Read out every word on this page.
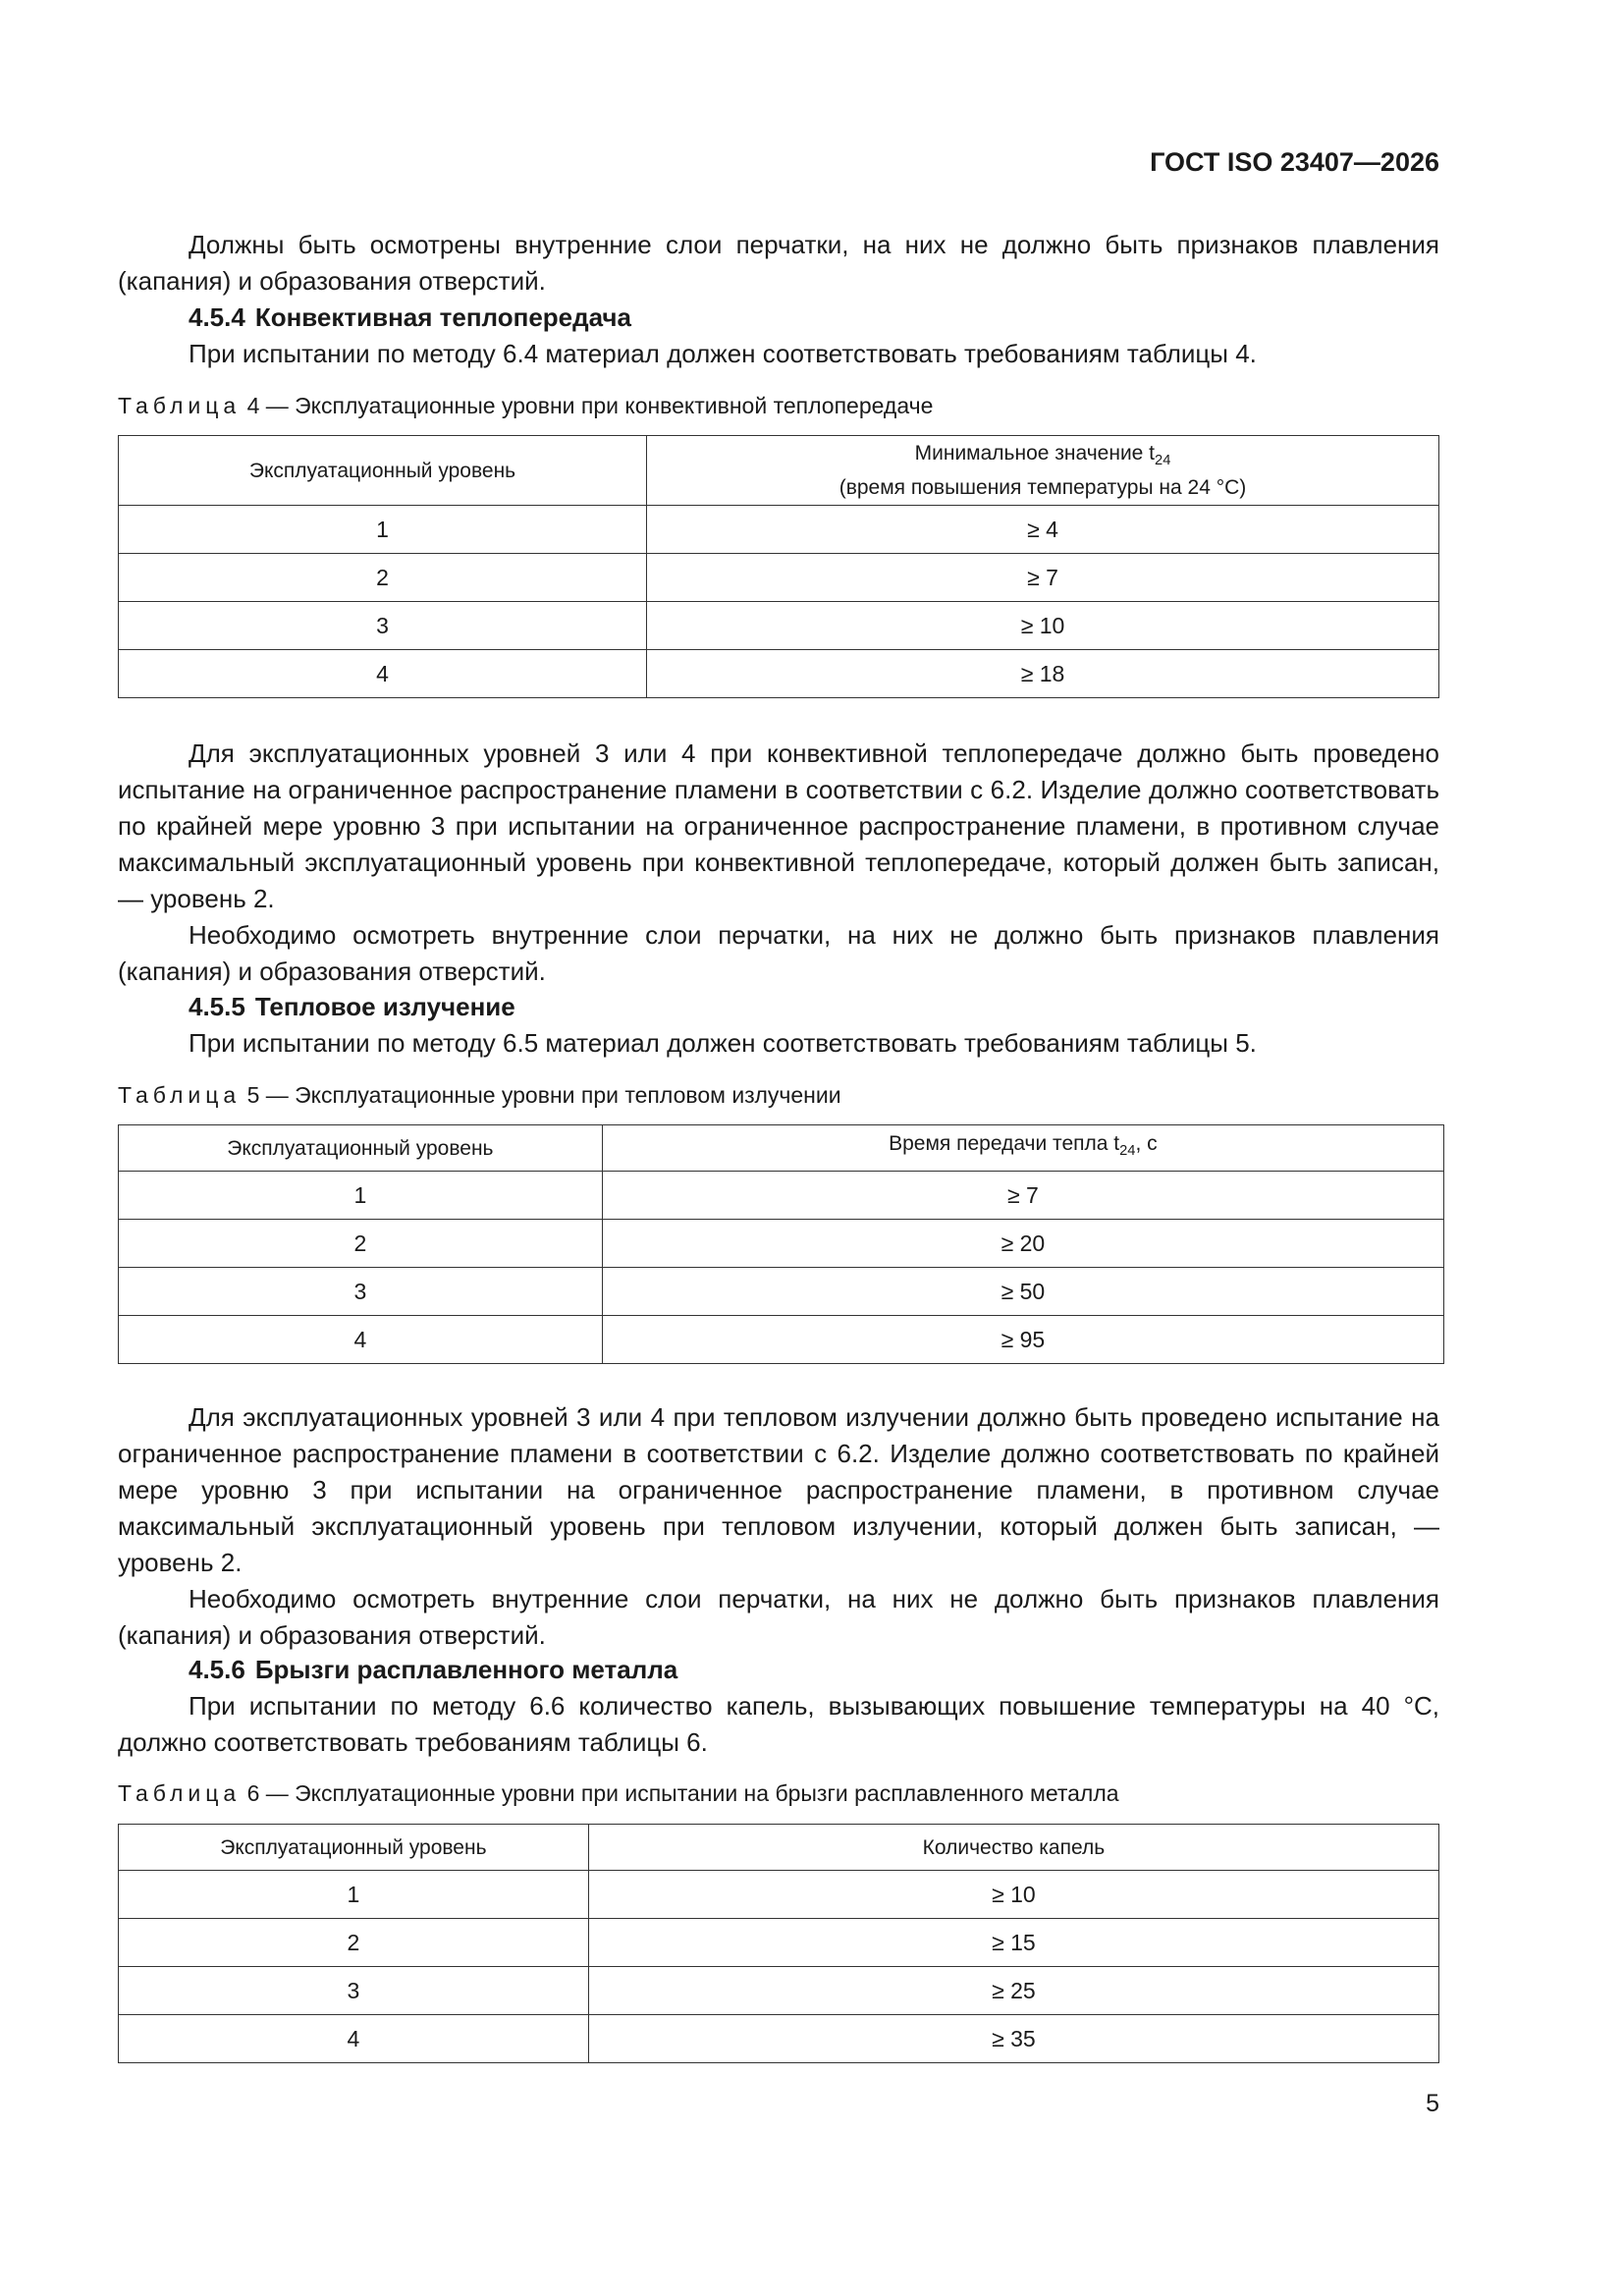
ГОСТ ISO 23407—2026

Должны быть осмотрены внутренние слои перчатки, на них не должно быть признаков плавления (капания) и образования отверстий.

4.5.4 Конвективная теплопередача

При испытании по методу 6.4 материал должен соответствовать требованиям таблицы 4.

Таблица 4 — Эксплуатационные уровни при конвективной теплопередаче

Эксплуатационный уровень	Минимальное значение $t_{24}$
(время повышения температуры на 24 °C)
1	≥ 4
2	≥ 7
3	≥ 10
4	≥ 18

Для эксплуатационных уровней 3 или 4 при конвективной теплопередаче должно быть проведено испытание на ограниченное распространение пламени в соответствии с 6.2. Изделие должно соответствовать по крайней мере уровню 3 при испытании на ограниченное распространение пламени, в противном случае максимальный эксплуатационный уровень при конвективной теплопередаче, который должен быть записан, — уровень 2.

Необходимо осмотреть внутренние слои перчатки, на них не должно быть признаков плавления (капания) и образования отверстий.

4.5.5 Тепловое излучение

При испытании по методу 6.5 материал должен соответствовать требованиям таблицы 5.

Таблица 5 — Эксплуатационные уровни при тепловом излучении

Эксплуатационный уровень	Время передачи тепла $t_{24}$, с
1	≥ 7
2	≥ 20
3	≥ 50
4	≥ 95

Для эксплуатационных уровней 3 или 4 при тепловом излучении должно быть проведено испытание на ограниченное распространение пламени в соответствии с 6.2. Изделие должно соответствовать по крайней мере уровню 3 при испытании на ограниченное распространение пламени, в противном случае максимальный эксплуатационный уровень при тепловом излучении, который должен быть записан, — уровень 2.

Необходимо осмотреть внутренние слои перчатки, на них не должно быть признаков плавления (капания) и образования отверстий.

4.5.6 Брызги расплавленного металла

При испытании по методу 6.6 количество капель, вызывающих повышение температуры на 40 °C, должно соответствовать требованиям таблицы 6.

Таблица 6 — Эксплуатационные уровни при испытании на брызги расплавленного металла

Эксплуатационный уровень	Количество капель
1	≥ 10
2	≥ 15
3	≥ 25
4	≥ 35
5
